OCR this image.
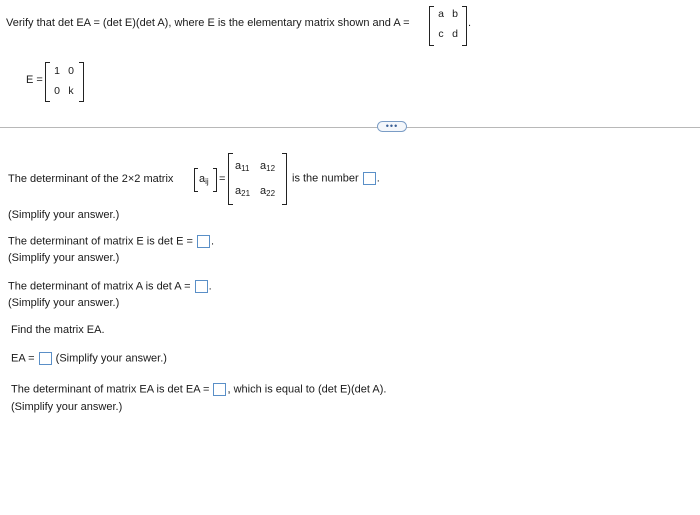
Verify that det EA = (det E)(det A), where E is the elementary matrix shown and A =
a b
c d
.
E =
1 0
0 k
•••
The determinant of the 2×2 matrix $a_{ij}$ =
$a_{11}$ $a_{12}$
$a_{21}$ $a_{22}$
is the number .
(Simplify your answer.)
The determinant of matrix E is det E = .
(Simplify your answer.)
The determinant of matrix A is det A = .
(Simplify your answer.)
Find the matrix EA.
EA = (Simplify your answer.)
The determinant of matrix EA is det EA = , which is equal to (det E)(det A).
(Simplify your answer.)
